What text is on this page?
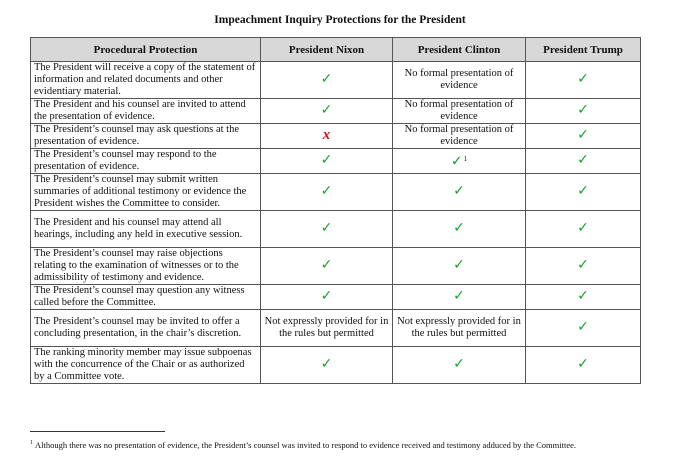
Impeachment Inquiry Protections for the President
Procedural Protection	President Nixon	President Clinton	President Trump
The President will receive a copy of the statement of information and related documents and other evidentiary material.	✓	No formal presentation of evidence	✓
The President and his counsel are invited to attend the presentation of evidence.	✓	No formal presentation of evidence	✓
The President’s counsel may ask questions at the presentation of evidence.	x	No formal presentation of evidence	✓
The President’s counsel may respond to the presentation of evidence.	✓	✓$^1$	✓
The President’s counsel may submit written summaries of additional testimony or evidence the President wishes the Committee to consider.	✓	✓	✓
The President and his counsel may attend all hearings, including any held in executive session.	✓	✓	✓
The President’s counsel may raise objections relating to the examination of witnesses or to the admissibility of testimony and evidence.	✓	✓	✓
The President’s counsel may question any witness called before the Committee.	✓	✓	✓
The President’s counsel may be invited to offer a concluding presentation, in the chair’s discretion.	Not expressly provided for in the rules but permitted	Not expressly provided for in the rules but permitted	✓
The ranking minority member may issue subpoenas with the concurrence of the Chair or as authorized by a Committee vote.	✓	✓	✓
$^1$ Although there was no presentation of evidence, the President’s counsel was invited to respond to evidence received and testimony adduced by the Committee.
